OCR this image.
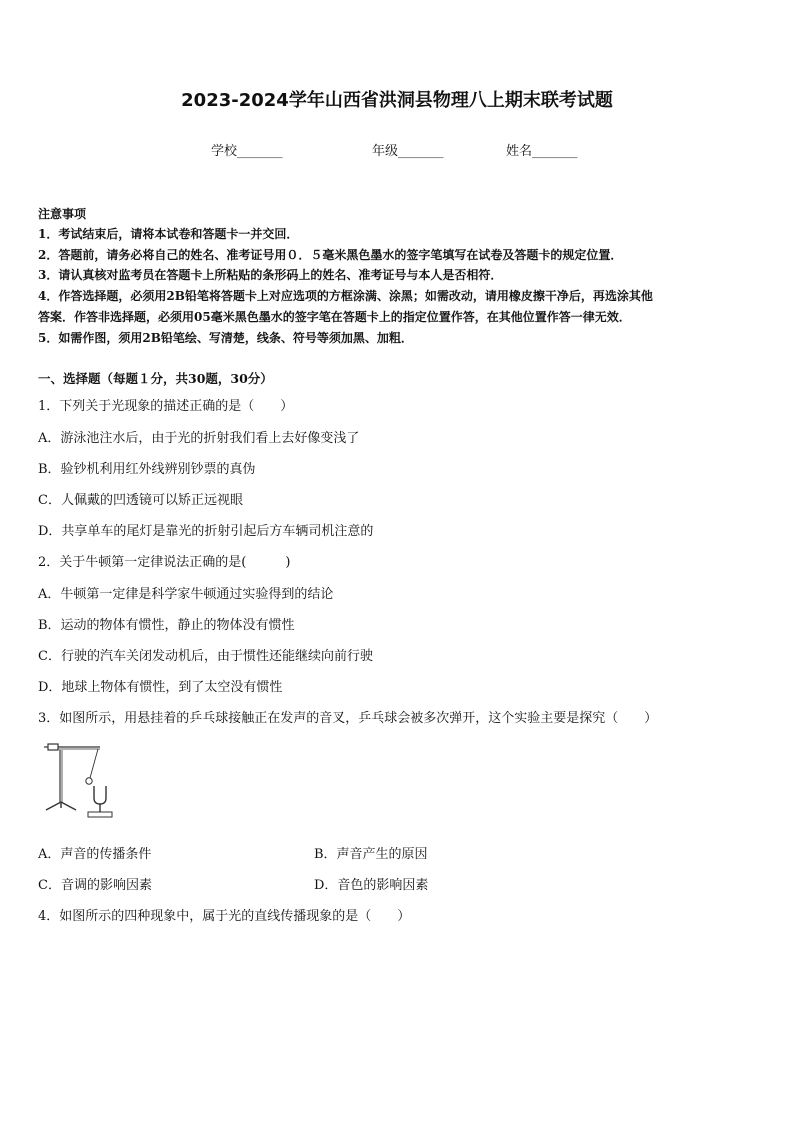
2023-2024学年山西省洪洞县物理八上期末联考试题
学校_______	年级_______	姓名_______
注意事项
1．考试结束后，请将本试卷和答题卡一并交回．
2．答题前，请务必将自己的姓名、准考证号用０．５毫米黑色墨水的签字笔填写在试卷及答题卡的规定位置．
3．请认真核对监考员在答题卡上所粘贴的条形码上的姓名、准考证号与本人是否相符．
4．作答选择题，必须用2B铅笔将答题卡上对应选项的方框涂满、涂黑；如需改动，请用橡皮擦干净后，再选涂其他
答案．作答非选择题，必须用05毫米黑色墨水的签字笔在答题卡上的指定位置作答，在其他位置作答一律无效．
5．如需作图，须用2B铅笔绘、写清楚，线条、符号等须加黑、加粗．
一、选择题（每题１分，共30题，30分）
1．下列关于光现象的描述正确的是（　　）
A．游泳池注水后，由于光的折射我们看上去好像变浅了
B．验钞机利用红外线辨别钞票的真伪
C．人佩戴的凹透镜可以矫正远视眼
D．共享单车的尾灯是靠光的折射引起后方车辆司机注意的
2．关于牛顿第一定律说法正确的是(　　　)
A．牛顿第一定律是科学家牛顿通过实验得到的结论
B．运动的物体有惯性，静止的物体没有惯性
C．行驶的汽车关闭发动机后，由于惯性还能继续向前行驶
D．地球上物体有惯性，到了太空没有惯性
3．如图所示，用悬挂着的乒乓球接触正在发声的音叉，乒乓球会被多次弹开，这个实验主要是探究（　　）
A．声音的传播条件	B．声音产生的原因
C．音调的影响因素	D．音色的影响因素
4．如图所示的四种现象中，属于光的直线传播现象的是（　　）
